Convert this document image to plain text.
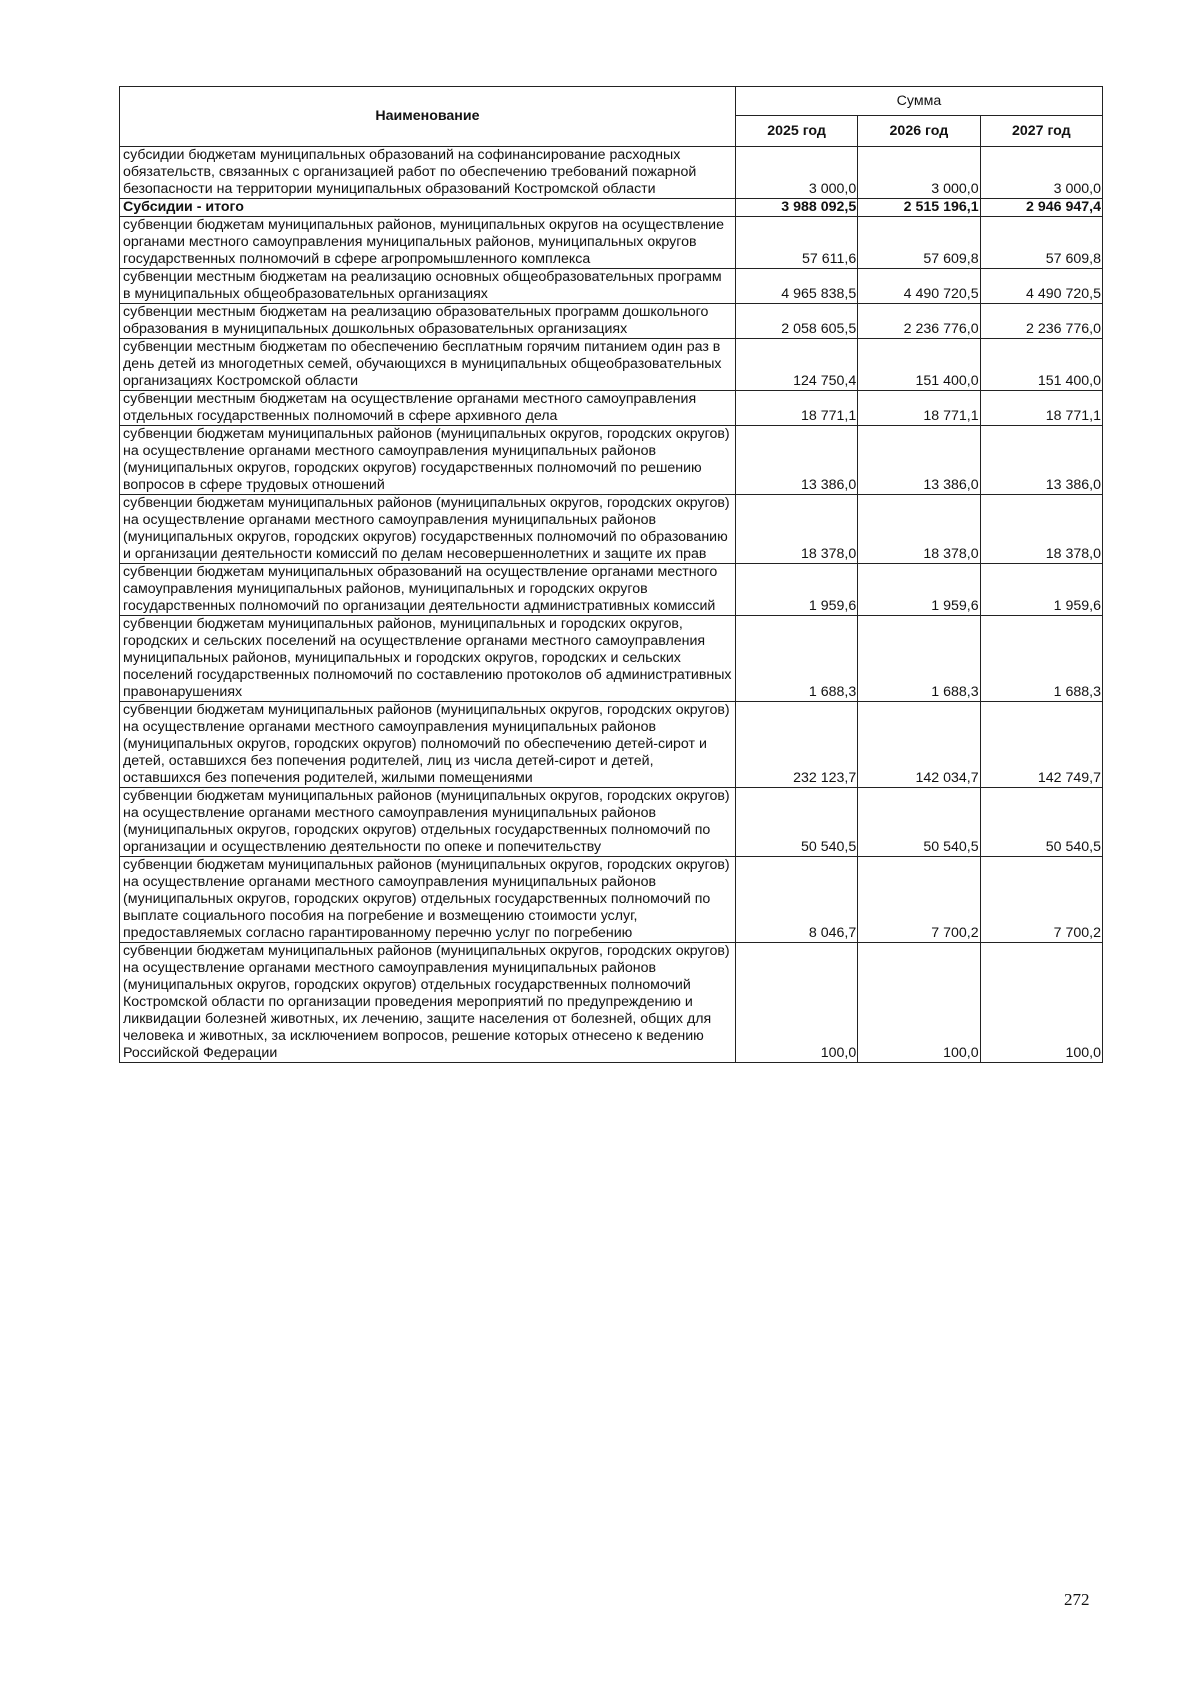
Наименование	Сумма		
	2025 год	2026 год	2027 год
субсидии бюджетам муниципальных образований на софинансирование расходных обязательств, связанных с организацией работ по обеспечению требований пожарной безопасности на территории муниципальных образований Костромской области	3 000,0	3 000,0	3 000,0
Субсидии - итого	3 988 092,5	2 515 196,1	2 946 947,4
субвенции бюджетам муниципальных районов, муниципальных округов на осуществление органами местного самоуправления муниципальных районов, муниципальных округов государственных полномочий в сфере агропромышленного комплекса	57 611,6	57 609,8	57 609,8
субвенции местным бюджетам на реализацию основных общеобразовательных программ в муниципальных общеобразовательных организациях	4 965 838,5	4 490 720,5	4 490 720,5
субвенции местным бюджетам на реализацию образовательных программ дошкольного образования в муниципальных дошкольных образовательных организациях	2 058 605,5	2 236 776,0	2 236 776,0
субвенции местным бюджетам по обеспечению бесплатным горячим питанием один раз в день детей из многодетных семей, обучающихся в муниципальных общеобразовательных организациях Костромской области	124 750,4	151 400,0	151 400,0
субвенции местным бюджетам на осуществление органами местного самоуправления отдельных государственных полномочий в сфере архивного дела	18 771,1	18 771,1	18 771,1
субвенции бюджетам муниципальных районов (муниципальных округов, городских округов) на осуществление органами местного самоуправления муниципальных районов (муниципальных округов, городских округов) государственных полномочий по решению вопросов в сфере трудовых отношений	13 386,0	13 386,0	13 386,0
субвенции бюджетам муниципальных районов (муниципальных округов, городских округов) на осуществление органами местного самоуправления муниципальных районов (муниципальных округов, городских округов) государственных полномочий по образованию и организации деятельности комиссий по делам несовершеннолетних и защите их прав	18 378,0	18 378,0	18 378,0
субвенции бюджетам муниципальных образований на осуществление органами местного самоуправления муниципальных районов, муниципальных и городских округов государственных полномочий по организации деятельности административных комиссий	1 959,6	1 959,6	1 959,6
субвенции бюджетам муниципальных районов, муниципальных и городских округов, городских и сельских поселений на осуществление органами местного самоуправления муниципальных районов, муниципальных и городских округов, городских и сельских поселений государственных полномочий по составлению протоколов об административных правонарушениях	1 688,3	1 688,3	1 688,3
субвенции бюджетам муниципальных районов (муниципальных округов, городских округов) на осуществление органами местного самоуправления муниципальных районов (муниципальных округов, городских округов) полномочий по обеспечению детей-сирот и детей, оставшихся без попечения родителей, лиц из числа детей-сирот и детей, оставшихся без попечения родителей, жилыми помещениями	232 123,7	142 034,7	142 749,7
субвенции бюджетам муниципальных районов (муниципальных округов, городских округов) на осуществление органами местного самоуправления муниципальных районов (муниципальных округов, городских округов) отдельных государственных полномочий по организации и осуществлению деятельности по опеке и попечительству	50 540,5	50 540,5	50 540,5
субвенции бюджетам муниципальных районов (муниципальных округов, городских округов) на осуществление органами местного самоуправления муниципальных районов (муниципальных округов, городских округов) отдельных государственных полномочий по выплате социального пособия на погребение и возмещению стоимости услуг, предоставляемых согласно гарантированному перечню услуг по погребению	8 046,7	7 700,2	7 700,2
субвенции бюджетам муниципальных районов (муниципальных округов, городских округов) на осуществление органами местного самоуправления муниципальных районов (муниципальных округов, городских округов) отдельных государственных полномочий Костромской области по организации проведения мероприятий по предупреждению и ликвидации болезней животных, их лечению, защите населения от болезней, общих для человека и животных, за исключением вопросов, решение которых отнесено к ведению Российской Федерации	100,0	100,0	100,0
272
